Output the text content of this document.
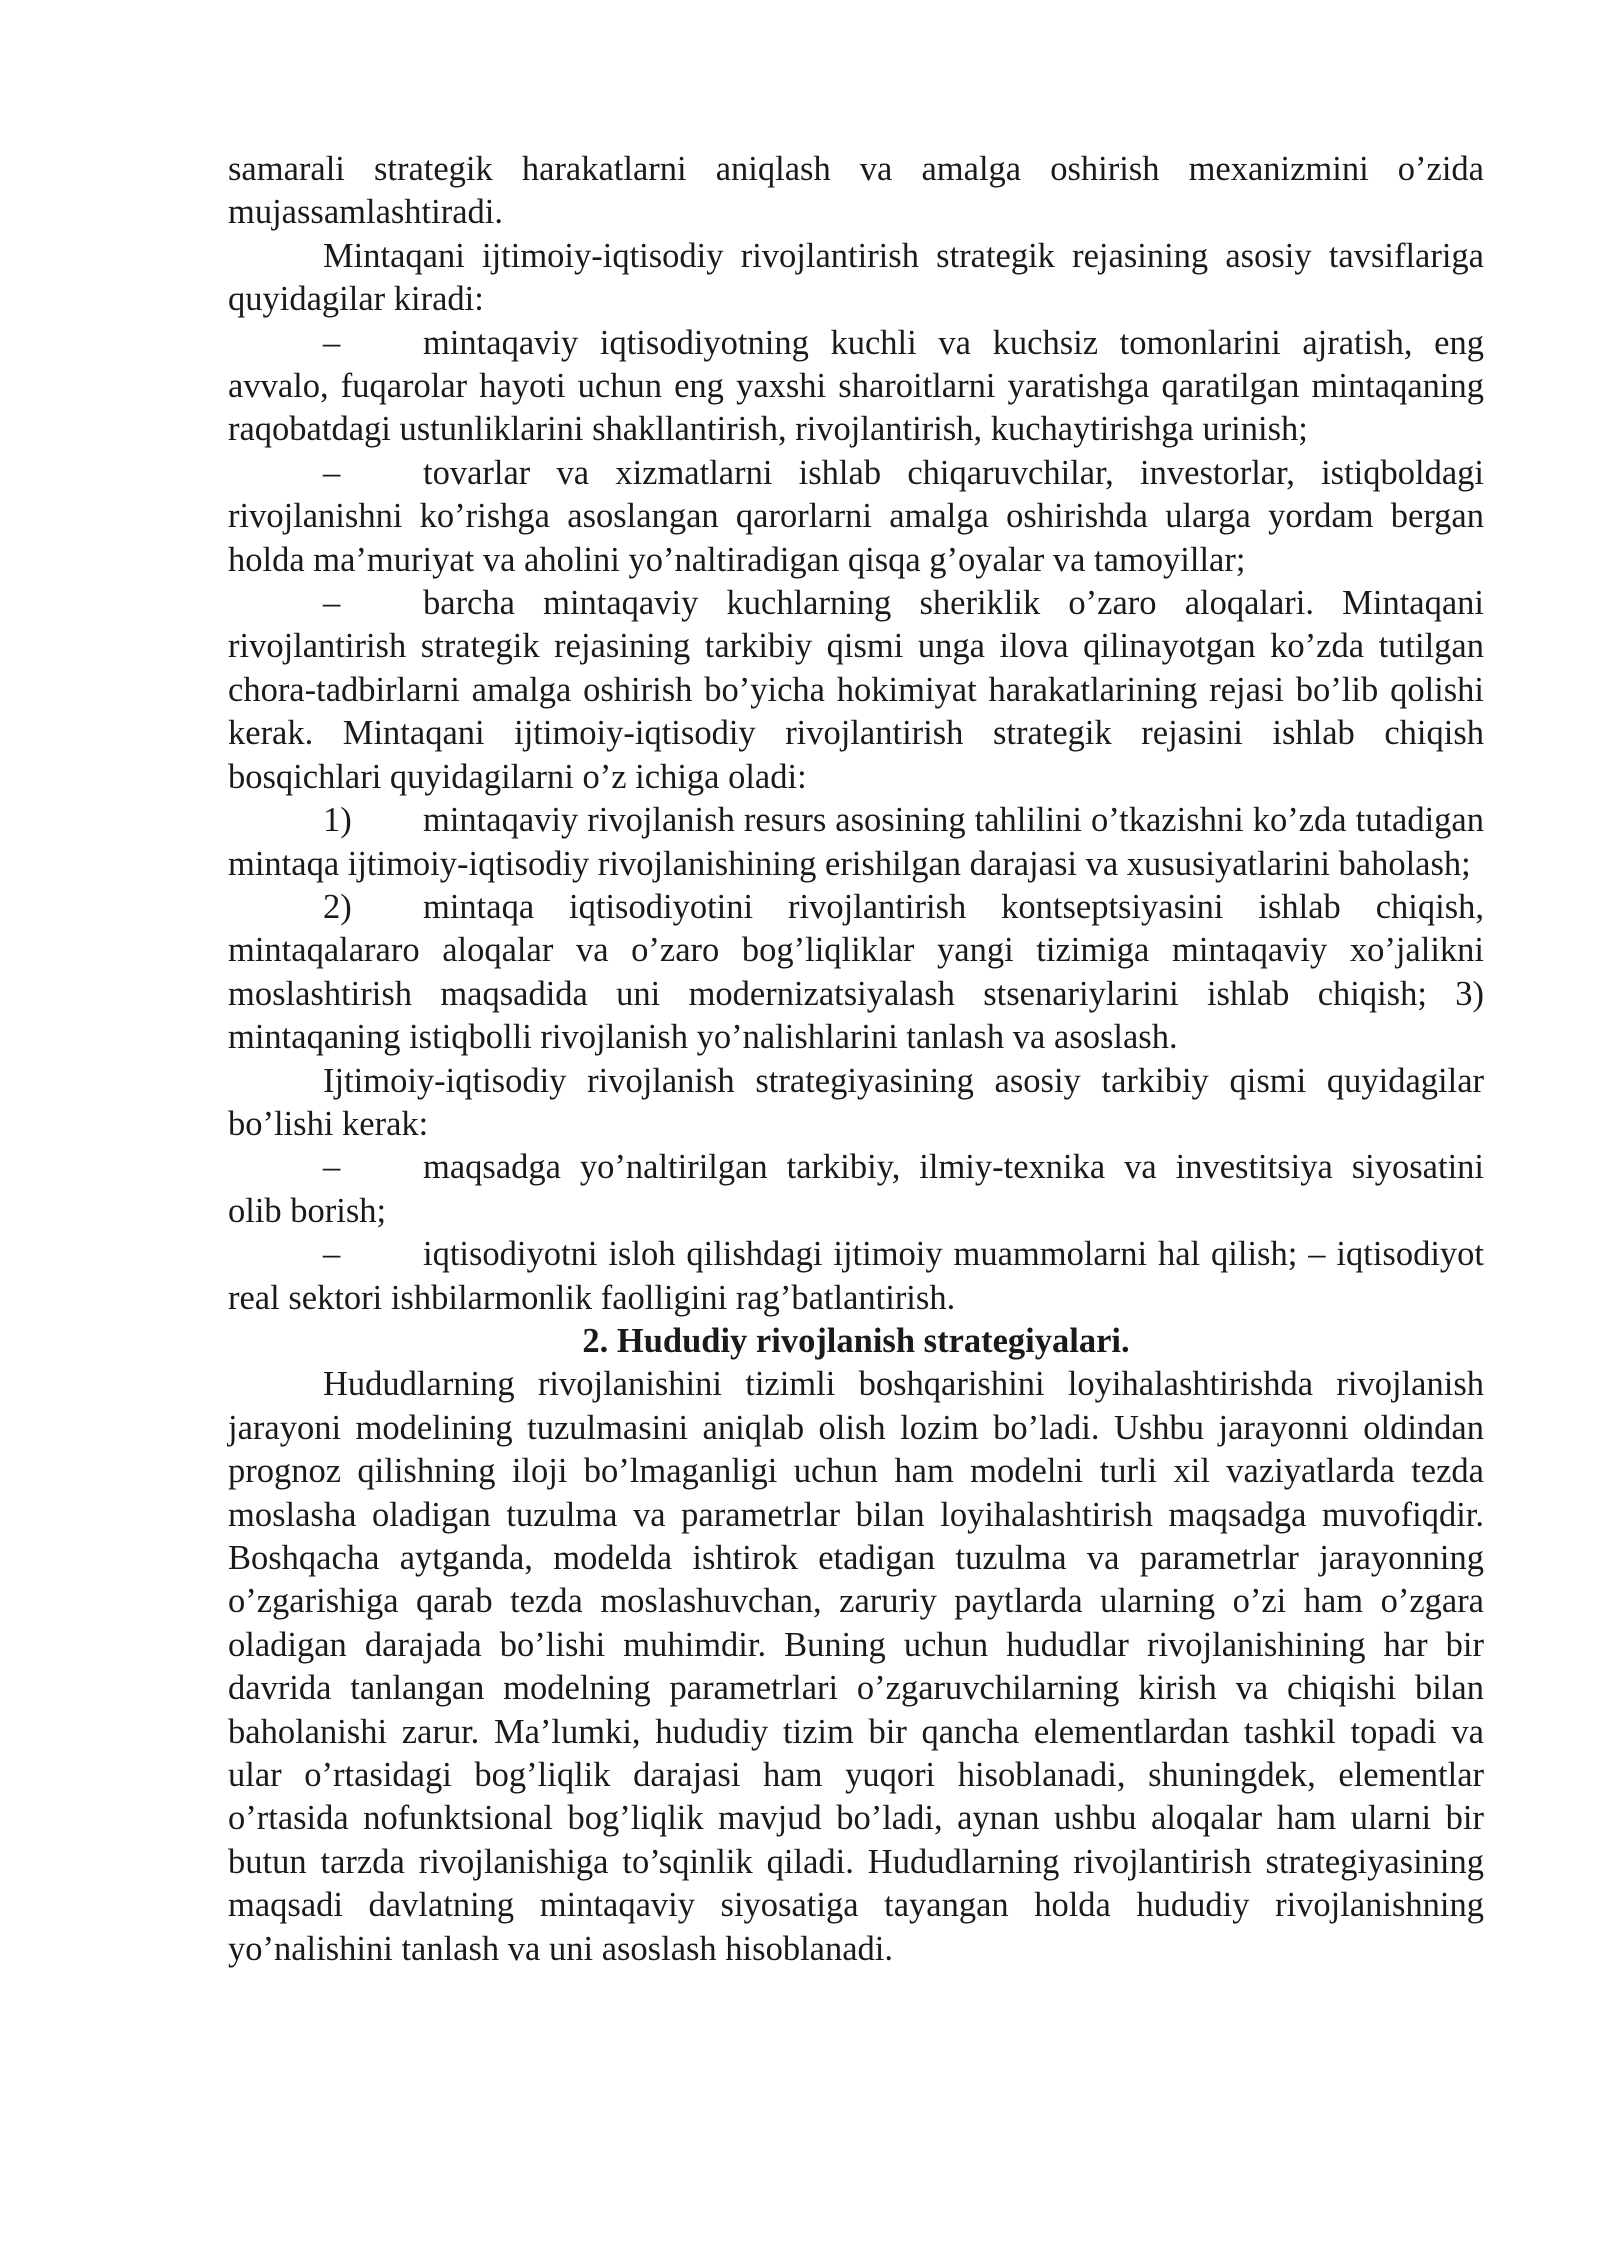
samarali strategik harakatlarni aniqlash va amalga oshirish mexanizmini o’zida mujassamlashtiradi.

Mintaqani ijtimoiy-iqtisodiy rivojlantirish strategik rejasining asosiy tavsiflariga quyidagilar kiradi:

– mintaqaviy iqtisodiyotning kuchli va kuchsiz tomonlarini ajratish, eng avvalo, fuqarolar hayoti uchun eng yaxshi sharoitlarni yaratishga qaratilgan mintaqaning raqobatdagi ustunliklarini shakllantirish, rivojlantirish, kuchaytirishga urinish;

– tovarlar va xizmatlarni ishlab chiqaruvchilar, investorlar, istiqboldagi rivojlanishni ko’rishga asoslangan qarorlarni amalga oshirishda ularga yordam bergan holda ma’muriyat va aholini yo’naltiradigan qisqa g’oyalar va tamoyillar;

– barcha mintaqaviy kuchlarning sheriklik o’zaro aloqalari. Mintaqani rivojlantirish strategik rejasining tarkibiy qismi unga ilova qilinayotgan ko’zda tutilgan chora-tadbirlarni amalga oshirish bo’yicha hokimiyat harakatlarining rejasi bo’lib qolishi kerak. Mintaqani ijtimoiy-iqtisodiy rivojlantirish strategik rejasini ishlab chiqish bosqichlari quyidagilarni o’z ichiga oladi:

1) mintaqaviy rivojlanish resurs asosining tahlilini o’tkazishni ko’zda tutadigan mintaqa ijtimoiy-iqtisodiy rivojlanishining erishilgan darajasi va xususiyatlarini baholash;

2) mintaqa iqtisodiyotini rivojlantirish kontseptsiyasini ishlab chiqish, mintaqalararo aloqalar va o’zaro bog’liqliklar yangi tizimiga mintaqaviy xo’jalikni moslashtirish maqsadida uni modernizatsiyalash stsenariylarini ishlab chiqish; 3) mintaqaning istiqbolli rivojlanish yo’nalishlarini tanlash va asoslash.

Ijtimoiy-iqtisodiy rivojlanish strategiyasining asosiy tarkibiy qismi quyidagilar bo’lishi kerak:

– maqsadga yo’naltirilgan tarkibiy, ilmiy-texnika va investitsiya siyosatini olib borish;

– iqtisodiyotni isloh qilishdagi ijtimoiy muammolarni hal qilish; – iqtisodiyot real sektori ishbilarmonlik faolligini rag’batlantirish.

2. Hududiy rivojlanish strategiyalari.

Hududlarning rivojlanishini tizimli boshqarishini loyihalashtirishda rivojlanish jarayoni modelining tuzulmasini aniqlab olish lozim bo’ladi. Ushbu jarayonni oldindan prognoz qilishning iloji bo’lmaganligi uchun ham modelni turli xil vaziyatlarda tezda moslasha oladigan tuzulma va parametrlar bilan loyihalashtirish maqsadga muvofiqdir. Boshqacha aytganda, modelda ishtirok etadigan tuzulma va parametrlar jarayonning o’zgarishiga qarab tezda moslashuvchan, zaruriy paytlarda ularning o’zi ham o’zgara oladigan darajada bo’lishi muhimdir. Buning uchun hududlar rivojlanishining har bir davrida tanlangan modelning parametrlari o’zgaruvchilarning kirish va chiqishi bilan baholanishi zarur. Ma’lumki, hududiy tizim bir qancha elementlardan tashkil topadi va ular o’rtasidagi bog’liqlik darajasi ham yuqori hisoblanadi, shuningdek, elementlar o’rtasida nofunktsional bog’liqlik mavjud bo’ladi, aynan ushbu aloqalar ham ularni bir butun tarzda rivojlanishiga to’sqinlik qiladi. Hududlarning rivojlantirish strategiyasining maqsadi davlatning mintaqaviy siyosatiga tayangan holda hududiy rivojlanishning yo’nalishini tanlash va uni asoslash hisoblanadi.
